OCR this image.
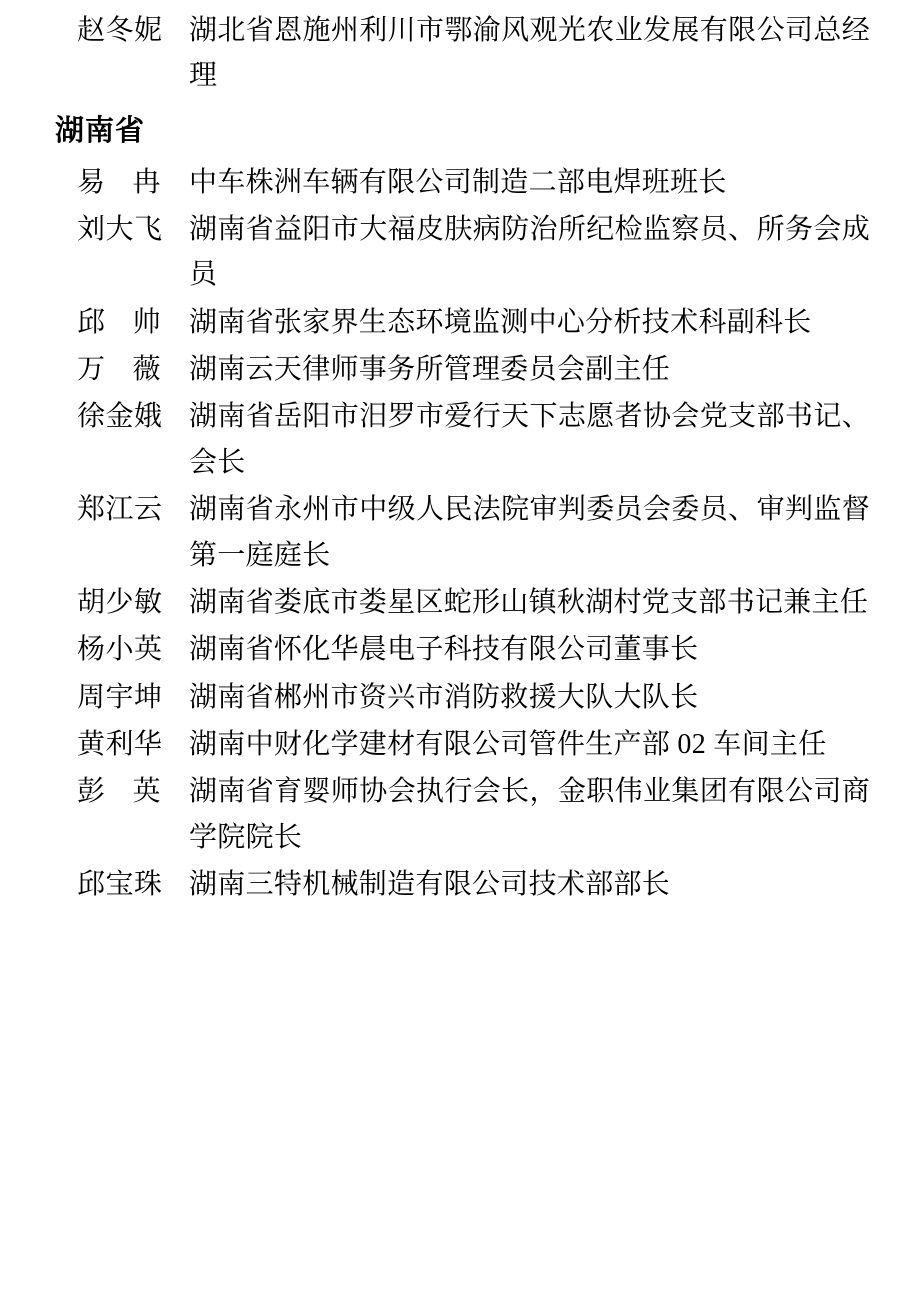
赵冬妮 湖北省恩施州利川市鄂渝风观光农业发展有限公司总经理
湖南省
易 冉 中车株洲车辆有限公司制造二部电焊班班长
刘大飞 湖南省益阳市大福皮肤病防治所纪检监察员、所务会成员
邱 帅 湖南省张家界生态环境监测中心分析技术科副科长
万 薇 湖南云天律师事务所管理委员会副主任
徐金娥 湖南省岳阳市汨罗市爱行天下志愿者协会党支部书记、会长
郑江云 湖南省永州市中级人民法院审判委员会委员、审判监督第一庭庭长
胡少敏 湖南省娄底市娄星区蛇形山镇秋湖村党支部书记兼主任
杨小英 湖南省怀化华晨电子科技有限公司董事长
周宇坤 湖南省郴州市资兴市消防救援大队大队长
黄利华 湖南中财化学建材有限公司管件生产部 02 车间主任
彭 英 湖南省育婴师协会执行会长，金职伟业集团有限公司商学院院长
邱宝珠 湖南三特机械制造有限公司技术部部长
